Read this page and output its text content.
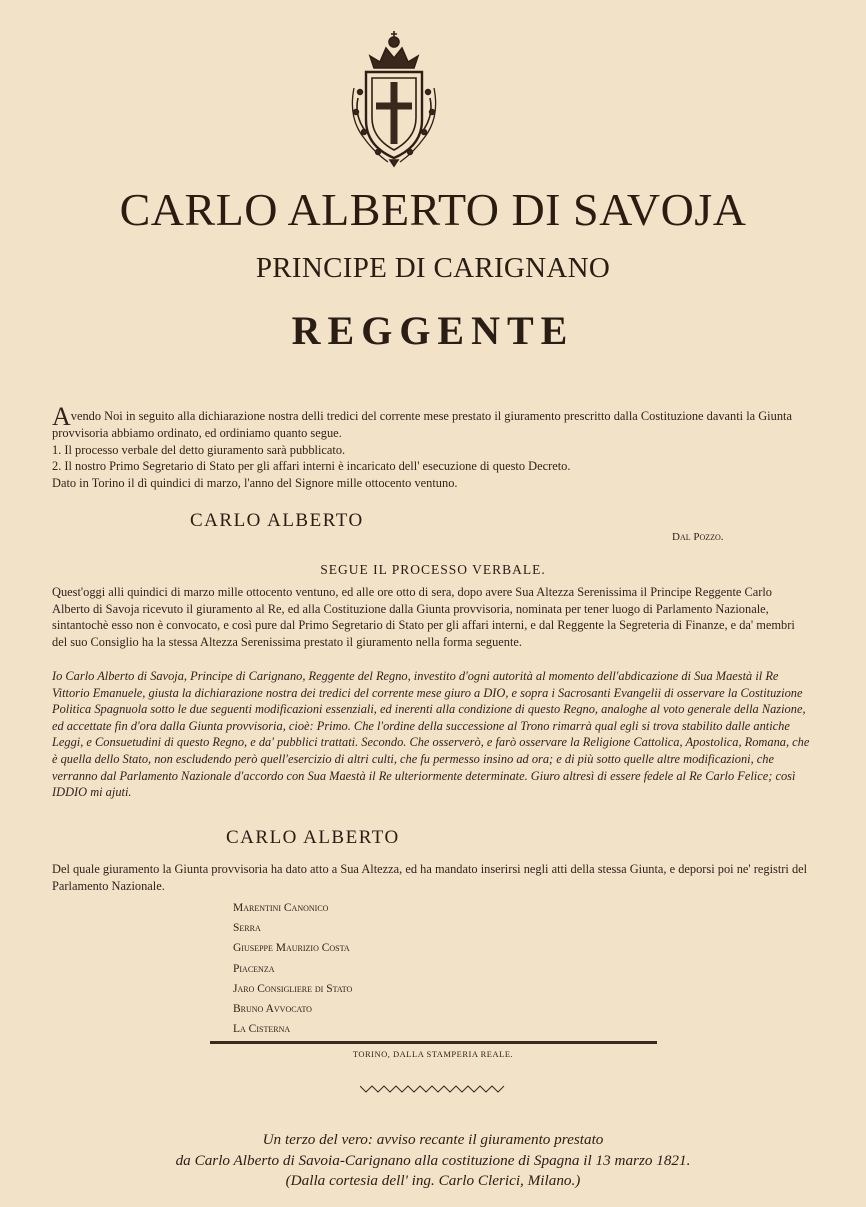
CARLO ALBERTO DI SAVOJA
PRINCIPE DI CARIGNANO
REGGENTE

Avendo Noi in seguito alla dichiarazione nostra delli tredici del corrente mese prestato il giuramento prescritto dalla Costituzione davanti la Giunta provvisoria abbiamo ordinato, ed ordiniamo quanto segue.

1. Il processo verbale del detto giuramento sarà pubblicato.

2. Il nostro Primo Segretario di Stato per gli affari interni è incaricato dell' esecuzione di questo Decreto.

Dato in Torino il dì quindici di marzo, l'anno del Signore mille ottocento ventuno.

CARLO ALBERTO

Dal Pozzo.

SEGUE IL PROCESSO VERBALE.

Quest'oggi alli quindici di marzo mille ottocento ventuno, ed alle ore otto di sera, dopo avere Sua Altezza Serenissima il Principe Reggente Carlo Alberto di Savoja ricevuto il giuramento al Re, ed alla Costituzione dalla Giunta provvisoria, nominata per tener luogo di Parlamento Nazionale, sintantochè esso non è convocato, e così pure dal Primo Segretario di Stato per gli affari interni, e dal Reggente la Segreteria di Finanze, e da' membri del suo Consiglio ha la stessa Altezza Serenissima prestato il giuramento nella forma seguente.

Io Carlo Alberto di Savoja, Principe di Carignano, Reggente del Regno, investito d'ogni autorità al momento dell'abdicazione di Sua Maestà il Re Vittorio Emanuele, giusta la dichiarazione nostra dei tredici del corrente mese giuro a DIO, e sopra i Sacrosanti Evangelii di osservare la Costituzione Politica Spagnuola sotto le due seguenti modificazioni essenziali, ed inerenti alla condizione di questo Regno, analoghe al voto generale della Nazione, ed accettate fin d'ora dalla Giunta provvisoria, cioè: Primo. Che l'ordine della successione al Trono rimarrà qual egli si trova stabilito dalle antiche Leggi, e Consuetudini di questo Regno, e da' pubblici trattati. Secondo. Che osserverò, e farò osservare la Religione Cattolica, Apostolica, Romana, che è quella dello Stato, non escludendo però quell'esercizio di altri culti, che fu permesso insino ad ora; e di più sotto quelle altre modificazioni, che verranno dal Parlamento Nazionale d'accordo con Sua Maestà il Re ulteriormente determinate. Giuro altresì di essere fedele al Re Carlo Felice; così IDDIO mi ajuti.

CARLO ALBERTO

Del quale giuramento la Giunta provvisoria ha dato atto a Sua Altezza, ed ha mandato inserirsi negli atti della stessa Giunta, e deporsi poi ne' registri del Parlamento Nazionale.

Marentini Canonico
Serra
Giuseppe Maurizio Costa
Piacenza
Jaro Consigliere di Stato
Bruno Avvocato
La Cisterna

TORINO, DALLA STAMPERIA REALE.

Un terzo del vero: avviso recante il giuramento prestato

da Carlo Alberto di Savoia-Carignano alla costituzione di Spagna il 13 marzo 1821.

(Dalla cortesia dell' ing. Carlo Clerici, Milano.)
